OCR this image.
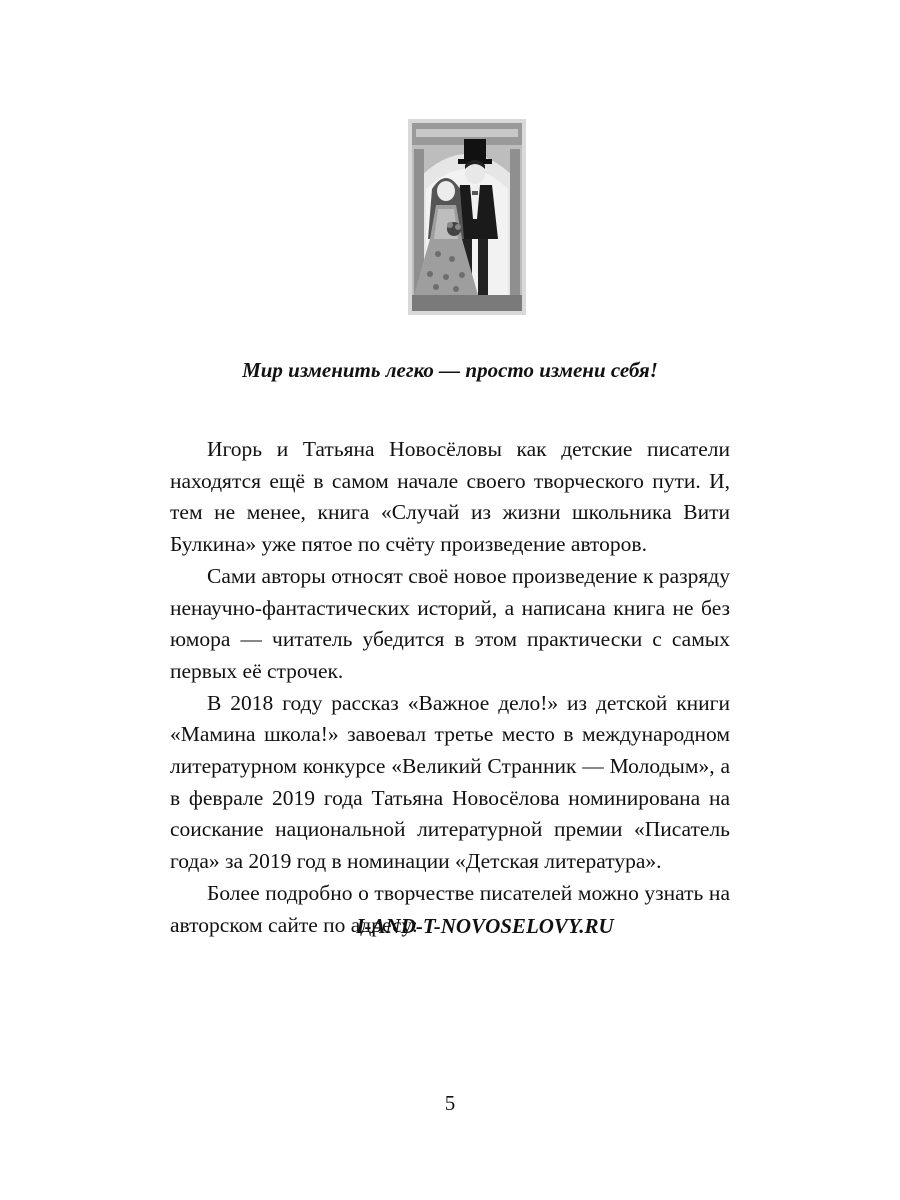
Мир изменить легко — просто измени себя!

Игорь и Татьяна Новосёловы как детские писатели находятся ещё в самом начале своего творческого пути. И, тем не менее, книга «Случай из жизни школьника Вити Булкина» уже пятое по счёту произведение авторов.

Сами авторы относят своё новое произведение к разряду ненаучно-фантастических историй, а написана книга не без юмора — читатель убедится в этом практически с самых первых её строчек.

В 2018 году рассказ «Важное дело!» из детской книги «Мамина школа!» завоевал третье место в международном литературном конкурсе «Великий Странник — Молодым», а в феврале 2019 года Татьяна Новосёлова номинирована на соискание национальной литературной премии «Писатель года» за 2019 год в номинации «Детская литература».

Более подробно о творчестве писателей можно узнать на авторском сайте по адресу:

I-AND-T-NOVOSELOVY.RU
5
